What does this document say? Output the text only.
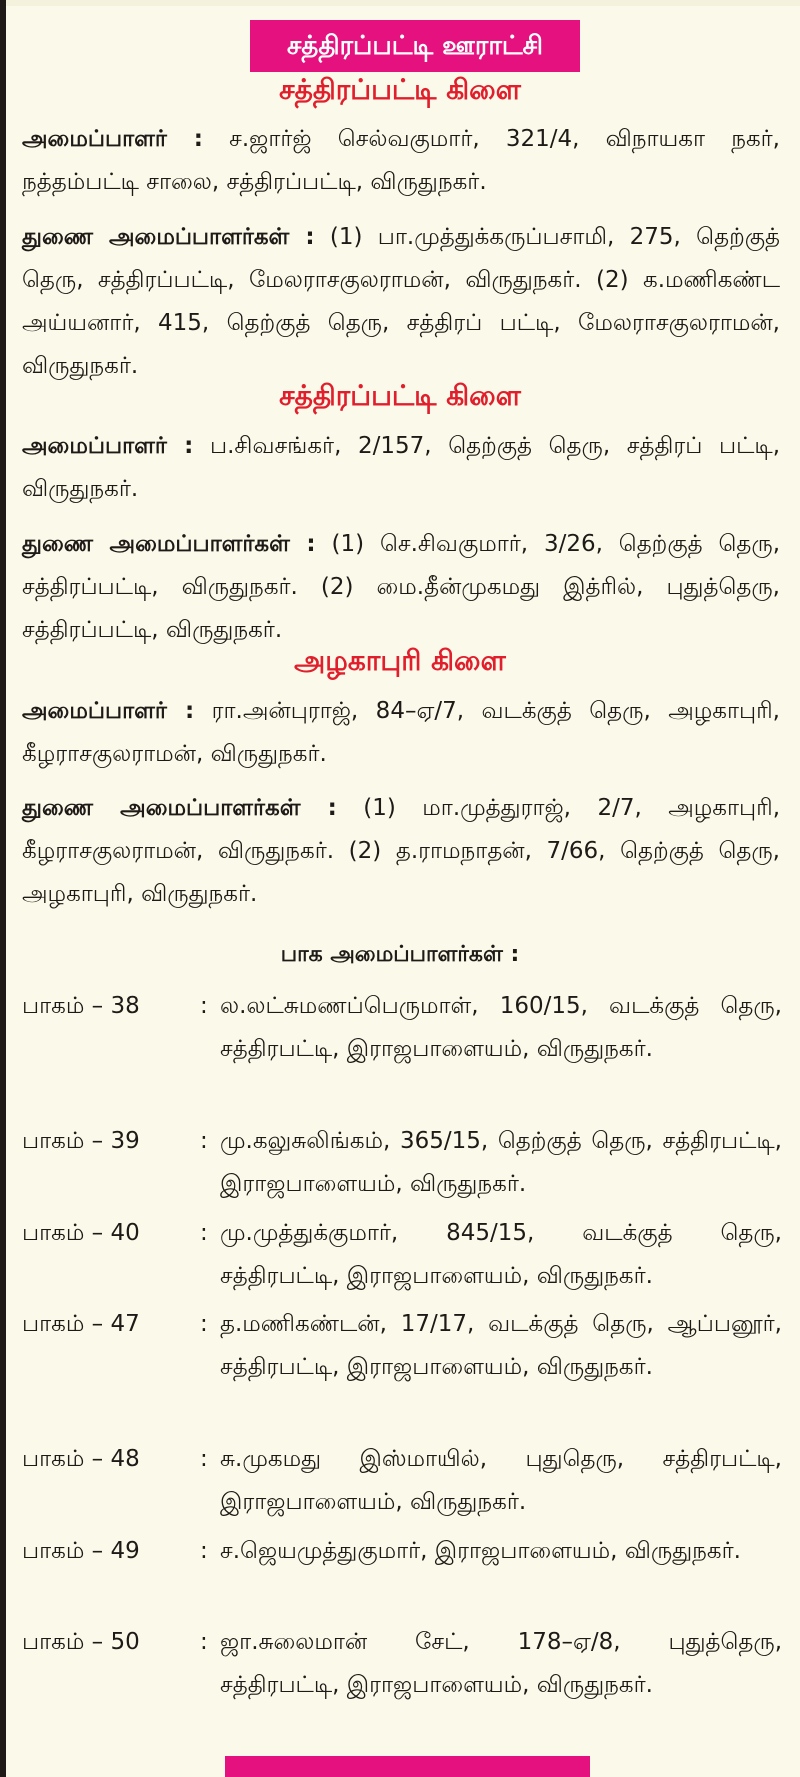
சத்திரப்பட்டி ஊராட்சி
சத்திரப்பட்டி கிளை
அமைப்பாளர் : ச.ஜார்ஜ் செல்வகுமார், 321/4, விநாயகா நகர், நத்தம்பட்டி சாலை, சத்திரப்பட்டி, விருதுநகர்.
துணை அமைப்பாளர்கள் : (1) பா.முத்துக்கருப்பசாமி, 275, தெற்குத் தெரு, சத்திரப்பட்டி, மேலராசகுலராமன், விருதுநகர். (2) க.மணிகண்ட அய்யனார், 415, தெற்குத் தெரு, சத்திரப் பட்டி, மேலராசகுலராமன், விருதுநகர்.
சத்திரப்பட்டி கிளை
அமைப்பாளர் : ப.சிவசங்கர், 2/157, தெற்குத் தெரு, சத்திரப் பட்டி, விருதுநகர்.
துணை அமைப்பாளர்கள் : (1) செ.சிவகுமார், 3/26, தெற்குத் தெரு, சத்திரப்பட்டி, விருதுநகர். (2) மை.தீன்முகமது இத்ரில், புதுத்தெரு, சத்திரப்பட்டி, விருதுநகர்.
அழகாபுரி கிளை
அமைப்பாளர் : ரா.அன்புராஜ், 84–ஏ/7, வடக்குத் தெரு, அழகாபுரி, கீழராசகுலராமன், விருதுநகர்.
துணை அமைப்பாளர்கள் : (1) மா.முத்துராஜ், 2/7, அழகாபுரி, கீழராசகுலராமன், விருதுநகர். (2) த.ராமநாதன், 7/66, தெற்குத் தெரு, அழகாபுரி, விருதுநகர்.
பாக அமைப்பாளர்கள் :
பாகம் – 38	: ல.லட்சுமணப்பெருமாள், 160/15, வடக்குத் தெரு, சத்திரபட்டி, இராஜபாளையம், விருதுநகர்.
பாகம் – 39	: மு.கலுசுலிங்கம், 365/15, தெற்குத் தெரு, சத்திரபட்டி, இராஜபாளையம், விருதுநகர்.
பாகம் – 40	: மு.முத்துக்குமார், 845/15, வடக்குத் தெரு, சத்திரபட்டி, இராஜபாளையம், விருதுநகர்.
பாகம் – 47	: த.மணிகண்டன், 17/17, வடக்குத் தெரு, ஆப்பனூர், சத்திரபட்டி, இராஜபாளையம், விருதுநகர்.
பாகம் – 48	: சு.முகமது இஸ்மாயில், புதுதெரு, சத்திரபட்டி, இராஜபாளையம், விருதுநகர்.
பாகம் – 49	: ச.ஜெயமுத்துகுமார், இராஜபாளையம், விருதுநகர்.
பாகம் – 50	: ஜா.சுலைமான் சேட், 178–ஏ/8, புதுத்தெரு, சத்திரபட்டி, இராஜபாளையம், விருதுநகர்.
